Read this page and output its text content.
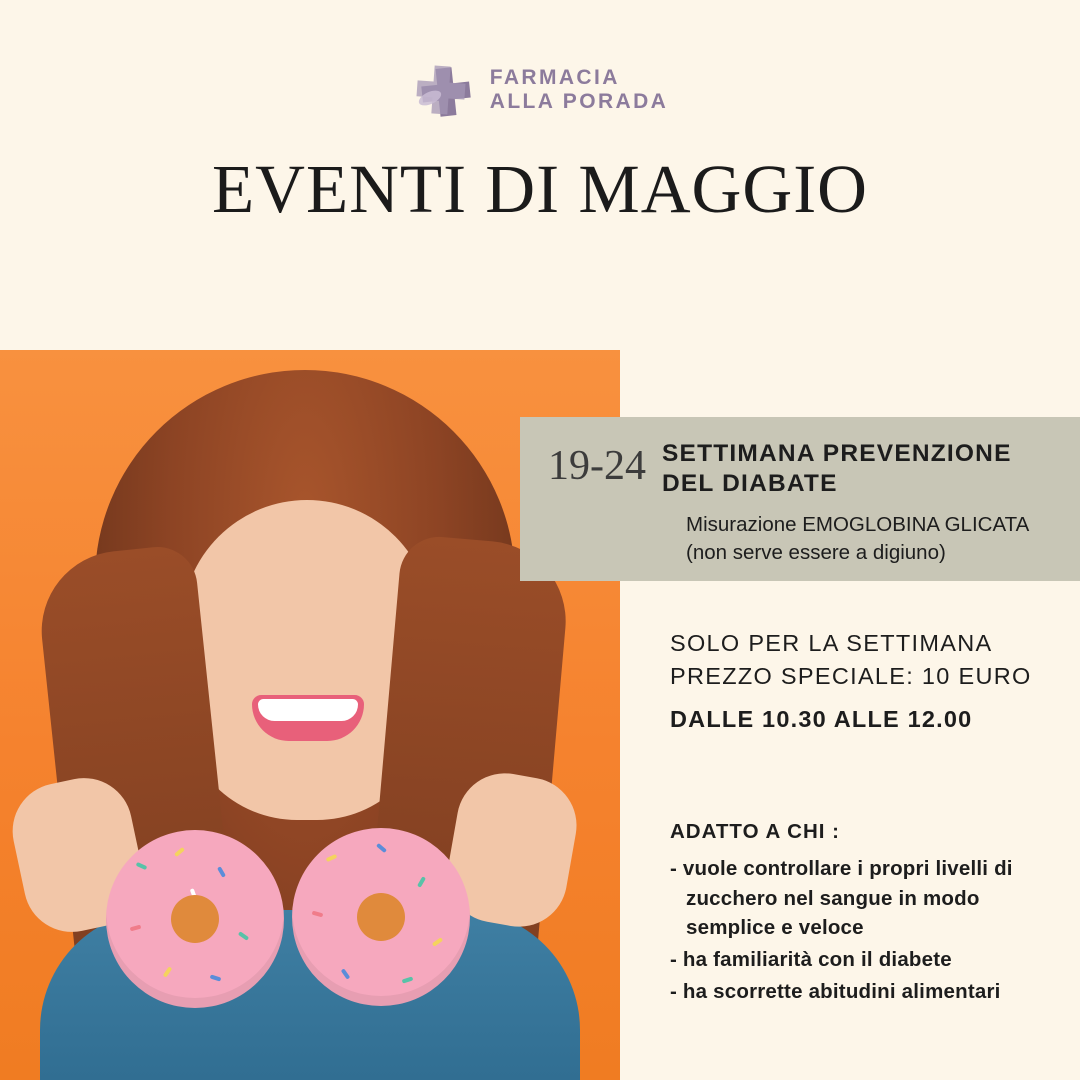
FARMACIA
ALLA PORADA
EVENTI DI MAGGIO
19-24 SETTIMANA PREVENZIONE DEL DIABATE
Misurazione EMOGLOBINA GLICATA
(non serve essere a digiuno)
SOLO PER LA SETTIMANA
PREZZO SPECIALE: 10 EURO
DALLE 10.30 ALLE 12.00
ADATTO A CHI :
- vuole controllare i propri livelli di zucchero nel sangue in modo semplice e veloce
- ha familiarità con il diabete
- ha scorrette abitudini alimentari
